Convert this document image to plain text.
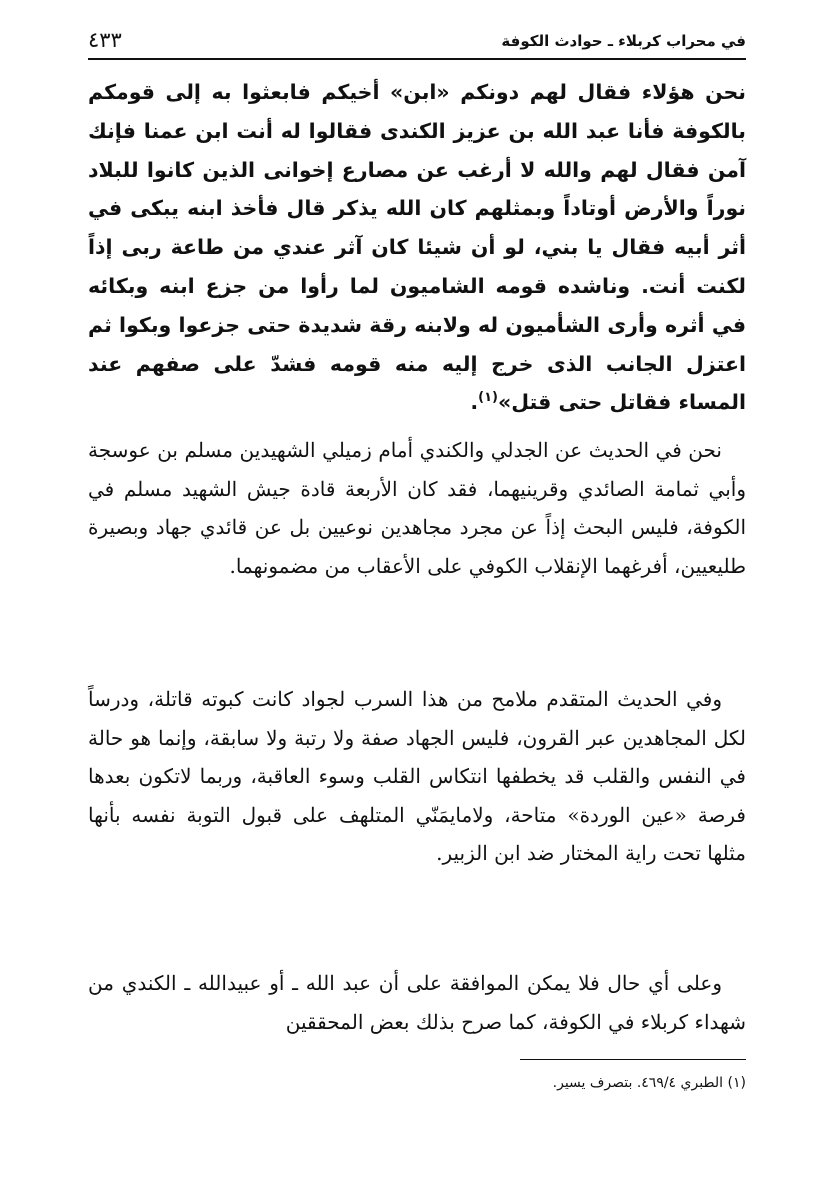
في محراب كربلاء ـ حوادث الكوفة
٤٣٣
نحن هؤلاء فقال لهم دونكم «ابن» أخيكم فابعثوا به إلى قومكم بالكوفة فأنا عبد الله بن عزيز الكندى فقالوا له أنت ابن عمنا فإنك آمن فقال لهم والله لا أرغب عن مصارع إخوانى الذين كانوا للبلاد نوراً والأرض أوتاداً وبمثلهم كان الله يذكر قال فأخذ ابنه يبكى في أثر أبيه فقال يا بني، لو أن شيئا كان آثر عندي من طاعة ربى إذاً لكنت أنت. وناشده قومه الشاميون لما رأوا من جزع ابنه وبكائه في أثره وأرى الشأميون له ولابنه رقة شديدة حتى جزعوا وبكوا ثم اعتزل الجانب الذى خرج إليه منه قومه فشدّ على صفهم عند المساء فقاتل حتى قتل»$^{(١)}$.
نحن في الحديث عن الجدلي والكندي أمام زميلي الشهيدين مسلم بن عوسجة وأبي ثمامة الصائدي وقرينيهما، فقد كان الأربعة قادة جيش الشهيد مسلم في الكوفة، فليس البحث إذاً عن مجرد مجاهدين نوعيين بل عن قائدي جهاد وبصيرة طليعيين، أفرغهما الإنقلاب الكوفي على الأعقاب من مضمونهما.
وفي الحديث المتقدم ملامح من هذا السرب لجواد كانت كبوته قاتلة، ودرساً لكل المجاهدين عبر القرون، فليس الجهاد صفة ولا رتبة ولا سابقة، وإنما هو حالة في النفس والقلب قد يخطفها انتكاس القلب وسوء العاقبة، وربما لاتكون بعدها فرصة «عين الوردة» متاحة، ولامايمَنّي المتلهف على قبول التوبة نفسه بأنها مثلها تحت راية المختار ضد ابن الزبير.
وعلى أي حال فلا يمكن الموافقة على أن عبد الله ـ أو عبيدالله ـ الكندي من شهداء كربلاء في الكوفة، كما صرح بذلك بعض المحققين
(١) الطبري ٤٦٩/٤. بتصرف يسير.
